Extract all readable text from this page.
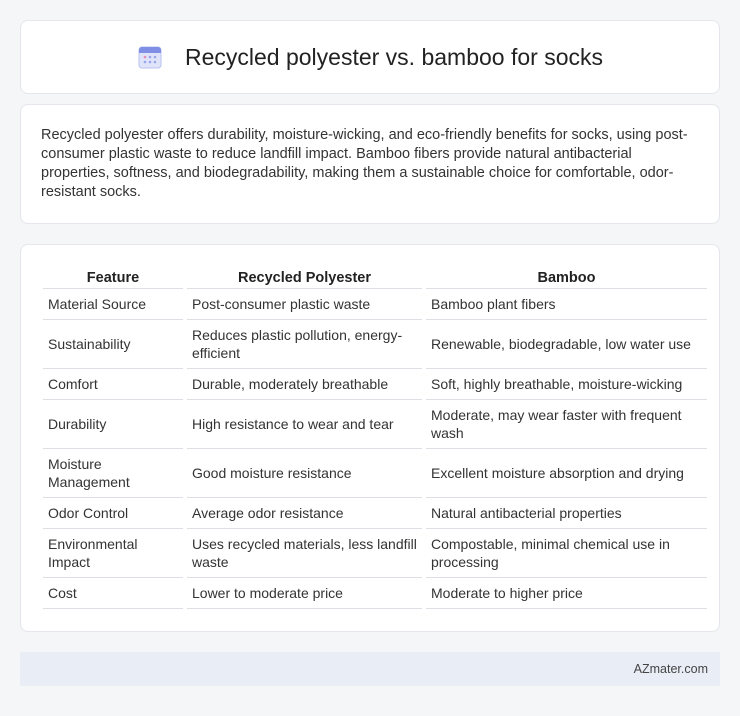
Recycled polyester vs. bamboo for socks

Recycled polyester offers durability, moisture-wicking, and eco-friendly benefits for socks, using post-consumer plastic waste to reduce landfill impact. Bamboo fibers provide natural antibacterial properties, softness, and biodegradability, making them a sustainable choice for comfortable, odor-resistant socks.

Feature	Recycled Polyester	Bamboo
Material Source	Post-consumer plastic waste	Bamboo plant fibers
Sustainability	Reduces plastic pollution, energy-efficient	Renewable, biodegradable, low water use
Comfort	Durable, moderately breathable	Soft, highly breathable, moisture-wicking
Durability	High resistance to wear and tear	Moderate, may wear faster with frequent wash
Moisture Management	Good moisture resistance	Excellent moisture absorption and drying
Odor Control	Average odor resistance	Natural antibacterial properties
Environmental Impact	Uses recycled materials, less landfill waste	Compostable, minimal chemical use in processing
Cost	Lower to moderate price	Moderate to higher price
AZmater.com
